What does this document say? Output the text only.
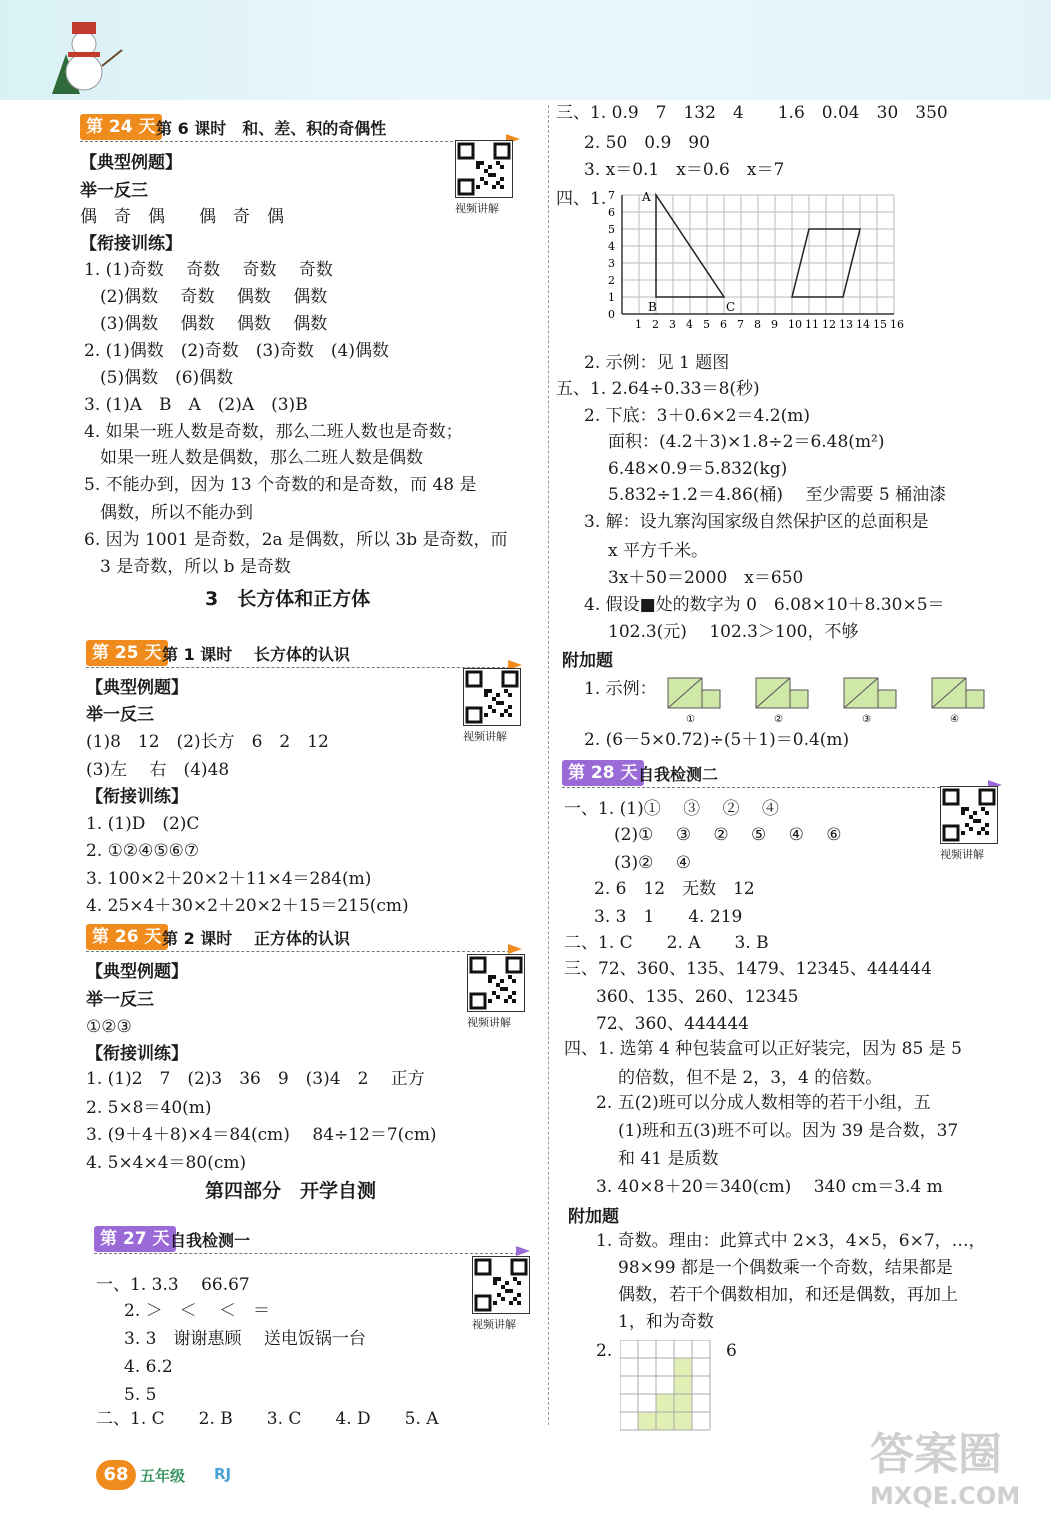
【典型例题】
举一反三
偶　奇　偶　　偶　奇　偶
【衔接训练】
1. (1)奇数　 奇数　 奇数　 奇数
(2)偶数　 奇数　 偶数　 偶数
(3)偶数　 偶数　 偶数　 偶数
2. (1)偶数　(2)奇数　(3)奇数　(4)偶数
(5)偶数　(6)偶数
3. (1)A　B　A　(2)A　(3)B
4. 如果一班人数是奇数，那么二班人数也是奇数；
如果一班人数是偶数，那么二班人数是偶数
5. 不能办到，因为 13 个奇数的和是奇数，而 48 是
偶数，所以不能办到
6. 因为 1001 是奇数，2a 是偶数，所以 3b 是奇数，而
3 是奇数，所以 b 是奇数
3　长方体和正方体
【典型例题】
举一反三
(1)8　12　(2)长方　6　2　12
(3)左　 右　(4)48
【衔接训练】
1. (1)D　(2)C
2. ①②④⑤⑥⑦
3. 100×2＋20×2＋11×4＝284(m)
4. 25×4＋30×2＋20×2＋15＝215(cm)
【典型例题】
举一反三
①②③
【衔接训练】
1. (1)2　7　(2)3　36　9　(3)4　2　 正方
2. 5×8＝40(m)
3. (9＋4＋8)×4＝84(cm)　 84÷12＝7(cm)
4. 5×4×4＝80(cm)
第四部分　开学自测
一、1. 3.3　 66.67
2. ＞　＜　 ＜　＝
3. 3　谢谢惠顾　 送电饭锅一台
4. 6.2
5. 5
二、1. C　　2. B　　3. C　　4. D　　5. A
三、1. 0.9　7　132　4　　1.6　0.04　30　350
2. 50　0.9　90
3. x＝0.1　x＝0.6　x＝7
四、1.
2. 示例：见 1 题图
五、1. 2.64÷0.33＝8(秒)
2. 下底：3＋0.6×2＝4.2(m)
面积：(4.2＋3)×1.8÷2＝6.48(m²)
6.48×0.9＝5.832(kg)
5.832÷1.2＝4.86(桶)　 至少需要 5 桶油漆
3. 解：设九寨沟国家级自然保护区的总面积是
x 平方千米。
3x＋50＝2000　x＝650
4. 假设■处的数字为 0　6.08×10＋8.30×5＝
102.3(元)　 102.3＞100，不够
附加题
1. 示例：
2. (6－5×0.72)÷(5＋1)＝0.4(m)
一、1. (1)①　 ③　 ②　 ④
(2)①　 ③　 ②　 ⑤　 ④　 ⑥
(3)②　 ④
2. 6　12　无数　12
3. 3　1　　4. 219
二、1. C　　2. A　　3. B
三、72、360、135、1479、12345、444444
360、135、260、12345
72、360、444444
四、1. 选第 4 种包装盒可以正好装完，因为 85 是 5
的倍数，但不是 2，3，4 的倍数。
2. 五(2)班可以分成人数相等的若干小组，五
(1)班和五(3)班不可以。因为 39 是合数，37
和 41 是质数
3. 40×8＋20＝340(cm)　 340 cm＝3.4 m
附加题
1. 奇数。理由：此算式中 2×3，4×5，6×7，…，
98×99 都是一个偶数乘一个奇数，结果都是
偶数，若干个偶数相加，和还是偶数，再加上
1，和为奇数
2.	6
7
6
5
4
3
2
1
0
1 2 3 4 5 6 7 8 9 10 11 12 13 14 15 16
A
B	C
①	②	③	④
68 五年级 RJ	答案圈
MXQE.COM
第 24 天 第 6 课时　和、差、积的奇偶性
视频讲解
第 25 天 第 1 课时　 长方体的认识
视频讲解
第 26 天 第 2 课时　 正方体的认识
视频讲解
第 27 天 自我检测一
视频讲解
第 28 天 自我检测二
视频讲解
